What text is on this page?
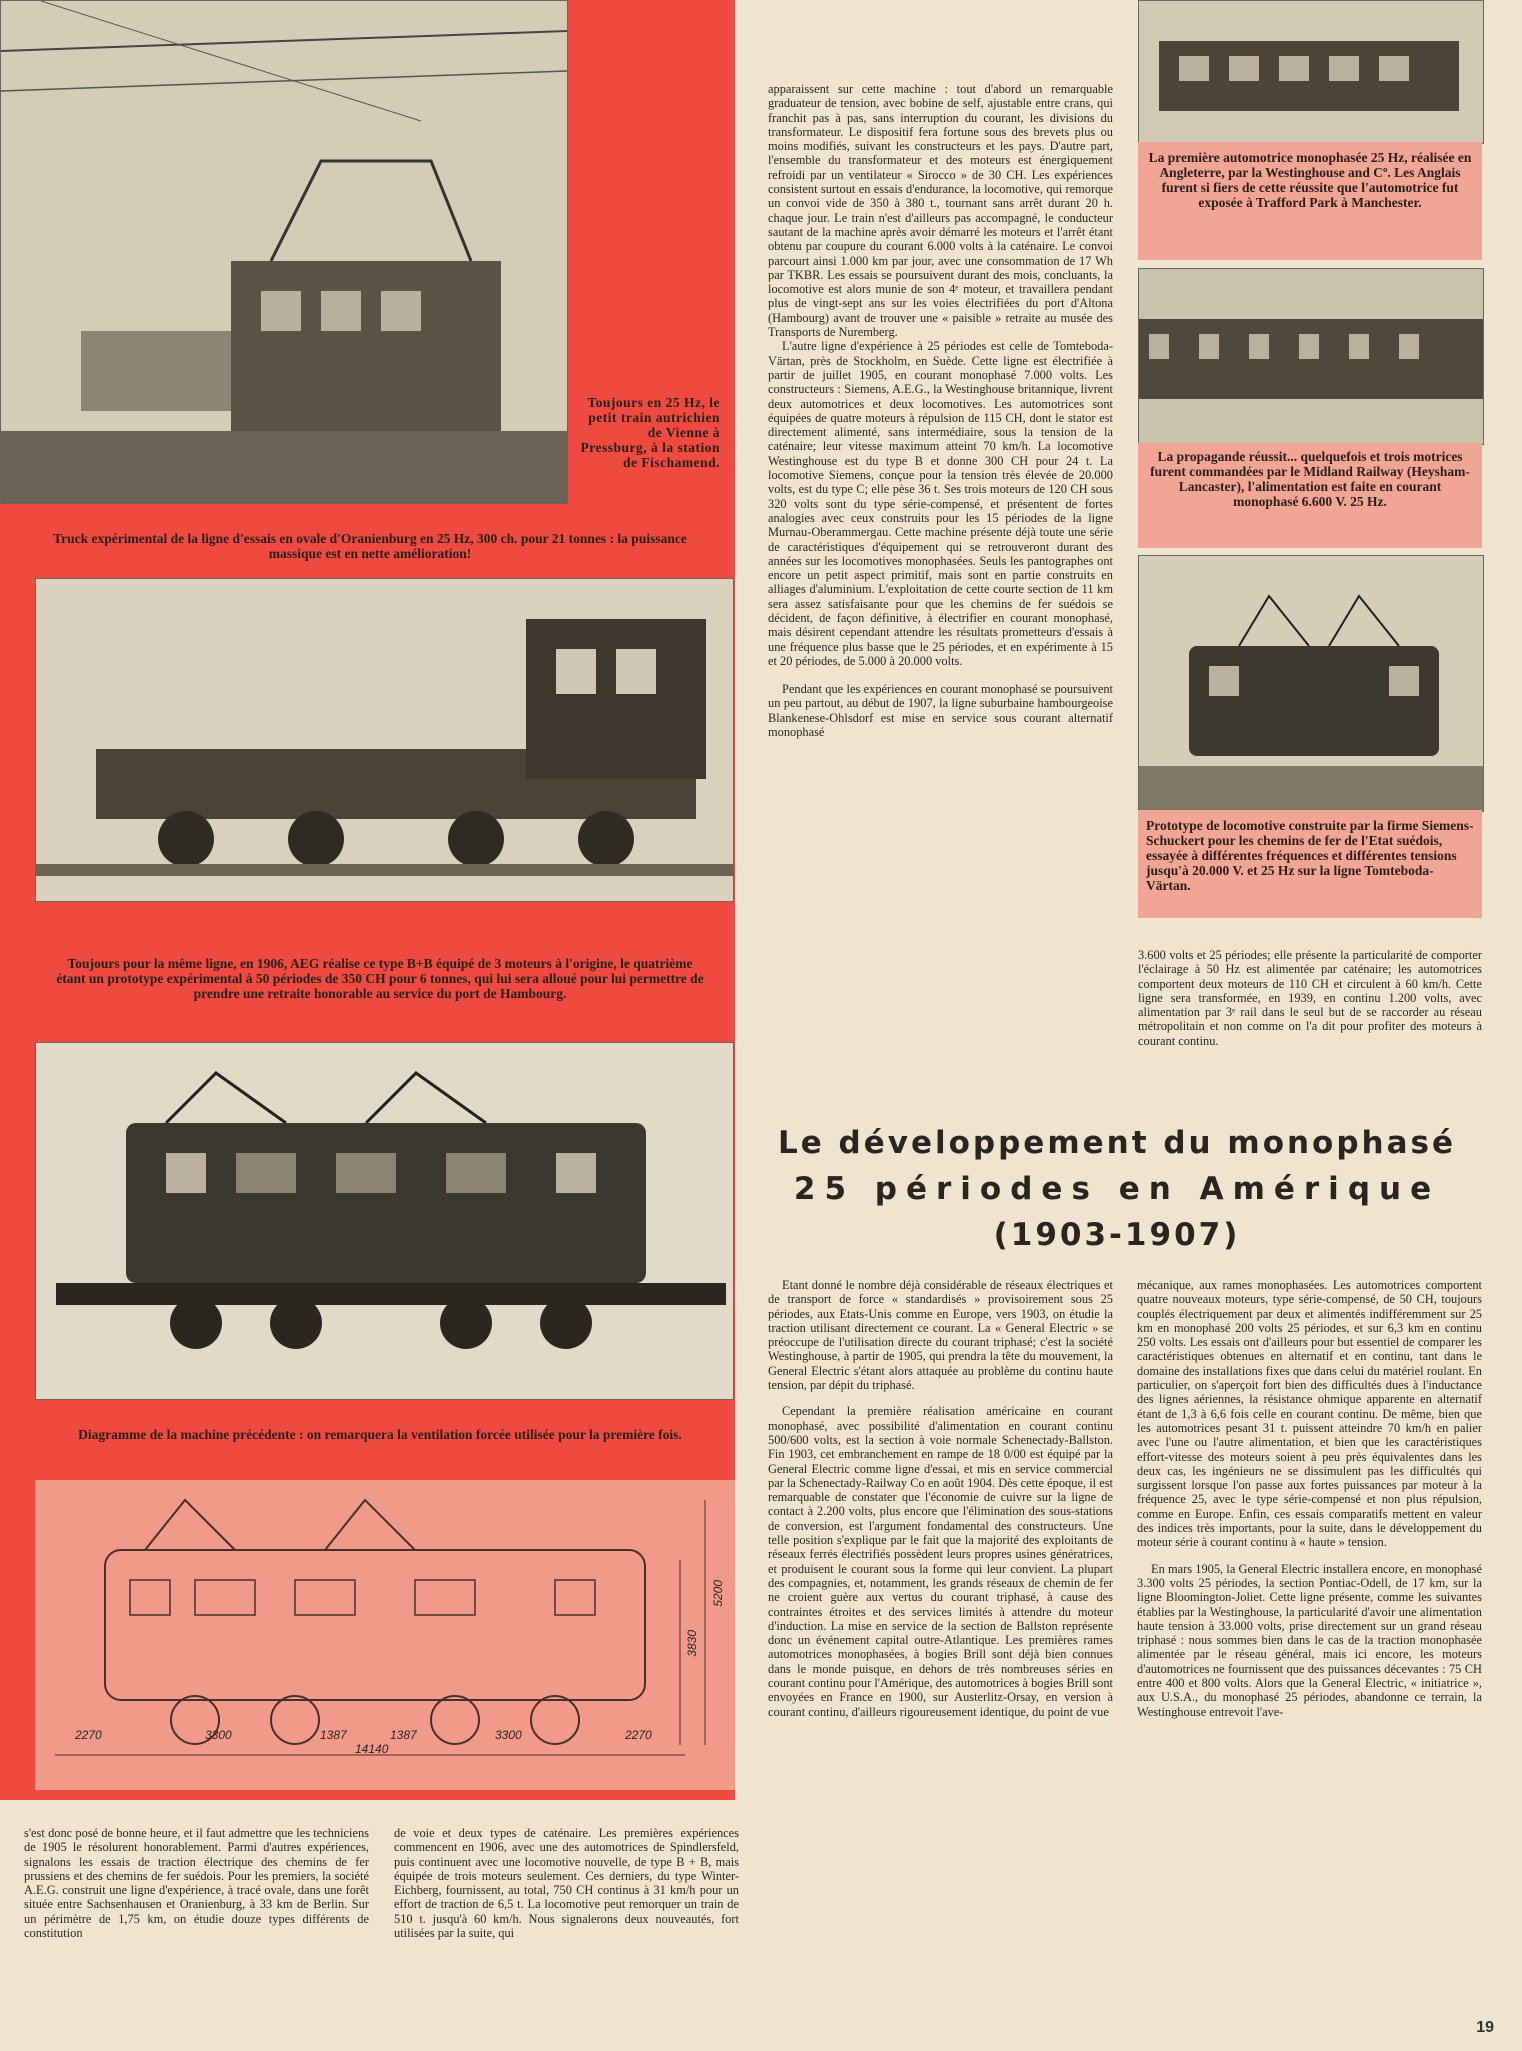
Toujours en 25 Hz, le petit train autrichien de Vienne à Pressburg, à la station de Fischamend.
Truck expérimental de la ligne d'essais en ovale d'Oranienburg en 25 Hz, 300 ch. pour 21 tonnes : la puissance massique est en nette amélioration!
Toujours pour la même ligne, en 1906, AEG réalise ce type B+B équipé de 3 moteurs à l'origine, le quatrième étant un prototype expérimental à 50 périodes de 350 CH pour 6 tonnes, qui lui sera alloué pour lui permettre de prendre une retraite honorable au service du port de Hambourg.
Diagramme de la machine précédente : on remarquera la ventilation forcée utilisée pour la première fois.
2270	3300	1387	1387	3300	2270
14140
3830
5200
La première automotrice monophasée 25 Hz, réalisée en Angleterre, par la Westinghouse and Cº. Les Anglais furent si fiers de cette réussite que l'automotrice fut exposée à Trafford Park à Manchester.
La propagande réussit... quelquefois et trois motrices furent commandées par le Midland Railway (Heysham-Lancaster), l'alimentation est faite en courant monophasé 6.600 V. 25 Hz.
Prototype de locomotive construite par la firme Siemens-Schuckert pour les chemins de fer de l'Etat suédois, essayée à différentes fréquences et différentes tensions jusqu'à 20.000 V. et 25 Hz sur la ligne Tomteboda-Värtan.

apparaissent sur cette machine : tout d'abord un remarquable graduateur de tension, avec bobine de self, ajustable entre crans, qui franchit pas à pas, sans interruption du courant, les divisions du transformateur. Le dispositif fera fortune sous des brevets plus ou moins modifiés, suivant les constructeurs et les pays. D'autre part, l'ensemble du transformateur et des moteurs est énergiquement refroidi par un ventilateur « Sirocco » de 30 CH. Les expériences consistent surtout en essais d'endurance, la locomotive, qui remorque un convoi vide de 350 à 380 t., tournant sans arrêt durant 20 h. chaque jour. Le train n'est d'ailleurs pas accompagné, le conducteur sautant de la machine après avoir démarré les moteurs et l'arrêt étant obtenu par coupure du courant 6.000 volts à la caténaire. Le convoi parcourt ainsi 1.000 km par jour, avec une consommation de 17 Wh par TKBR. Les essais se poursuivent durant des mois, concluants, la locomotive est alors munie de son 4ᵉ moteur, et travaillera pendant plus de vingt-sept ans sur les voies électrifiées du port d'Altona (Hambourg) avant de trouver une « paisible » retraite au musée des Transports de Nuremberg.

L'autre ligne d'expérience à 25 périodes est celle de Tomteboda-Värtan, près de Stockholm, en Suède. Cette ligne est électrifiée à partir de juillet 1905, en courant monophasé 7.000 volts. Les constructeurs : Siemens, A.E.G., la Westinghouse britannique, livrent deux automotrices et deux locomotives. Les automotrices sont équipées de quatre moteurs à répulsion de 115 CH, dont le stator est directement alimenté, sans intermédiaire, sous la tension de la caténaire; leur vitesse maximum atteint 70 km/h. La locomotive Westinghouse est du type B et donne 300 CH pour 24 t. La locomotive Siemens, conçue pour la tension très élevée de 20.000 volts, est du type C; elle pèse 36 t. Ses trois moteurs de 120 CH sous 320 volts sont du type série-compensé, et présentent de fortes analogies avec ceux construits pour les 15 périodes de la ligne Murnau-Oberammergau. Cette machine présente déjà toute une série de caractéristiques d'équipement qui se retrouveront durant des années sur les locomotives monophasées. Seuls les pantographes ont encore un petit aspect primitif, mais sont en partie construits en alliages d'aluminium. L'exploitation de cette courte section de 11 km sera assez satisfaisante pour que les chemins de fer suédois se décident, de façon définitive, à électrifier en courant monophasé, mais désirent cependant attendre les résultats prometteurs d'essais à une fréquence plus basse que le 25 périodes, et en expérimente à 15 et 20 périodes, de 5.000 à 20.000 volts.

Pendant que les expériences en courant monophasé se poursuivent un peu partout, au début de 1907, la ligne suburbaine hambourgeoise Blankenese-Ohlsdorf est mise en service sous courant alternatif monophasé

3.600 volts et 25 périodes; elle présente la particularité de comporter l'éclairage à 50 Hz est alimentée par caténaire; les automotrices comportent deux moteurs de 110 CH et circulent à 60 km/h. Cette ligne sera transformée, en 1939, en continu 1.200 volts, avec alimentation par 3ᵉ rail dans le seul but de se raccorder au réseau métropolitain et non comme on l'a dit pour profiter des moteurs à courant continu.

Le développement du monophasé
25 périodes en Amérique
(1903-1907)

Etant donné le nombre déjà considérable de réseaux électriques et de transport de force « standardisés » provisoirement sous 25 périodes, aux Etats-Unis comme en Europe, vers 1903, on étudie la traction utilisant directement ce courant. La « General Electric » se préoccupe de l'utilisation directe du courant triphasé; c'est la société Westinghouse, à partir de 1905, qui prendra la tête du mouvement, la General Electric s'étant alors attaquée au problème du continu haute tension, par dépit du triphasé.

Cependant la première réalisation américaine en courant monophasé, avec possibilité d'alimentation en courant continu 500/600 volts, est la section à voie normale Schenectady-Ballston. Fin 1903, cet embranchement en rampe de 18 0/00 est équipé par la General Electric comme ligne d'essai, et mis en service commercial par la Schenectady-Railway Co en août 1904. Dès cette époque, il est remarquable de constater que l'économie de cuivre sur la ligne de contact à 2.200 volts, plus encore que l'élimination des sous-stations de conversion, est l'argument fondamental des constructeurs. Une telle position s'explique par le fait que la majorité des exploitants de réseaux ferrés électrifiés possèdent leurs propres usines génératrices, et produisent le courant sous la forme qui leur convient. La plupart des compagnies, et, notamment, les grands réseaux de chemin de fer ne croient guère aux vertus du courant triphasé, à cause des contraintes étroites et des services limités à attendre du moteur d'induction. La mise en service de la section de Ballston représente donc un événement capital outre-Atlantique. Les premières rames automotrices monophasées, à bogies Brill sont déjà bien connues dans le monde puisque, en dehors de très nombreuses séries en courant continu pour l'Amérique, des automotrices à bogies Brill sont envoyées en France en 1900, sur Austerlitz-Orsay, en version à courant continu, d'ailleurs rigoureusement identique, du point de vue

mécanique, aux rames monophasées. Les automotrices comportent quatre nouveaux moteurs, type série-compensé, de 50 CH, toujours couplés électriquement par deux et alimentés indifféremment sur 25 km en monophasé 200 volts 25 périodes, et sur 6,3 km en continu 250 volts. Les essais ont d'ailleurs pour but essentiel de comparer les caractéristiques obtenues en alternatif et en continu, tant dans le domaine des installations fixes que dans celui du matériel roulant. En particulier, on s'aperçoit fort bien des difficultés dues à l'inductance des lignes aériennes, la résistance ohmique apparente en alternatif étant de 1,3 à 6,6 fois celle en courant continu. De même, bien que les automotrices pesant 31 t. puissent atteindre 70 km/h en palier avec l'une ou l'autre alimentation, et bien que les caractéristiques effort-vitesse des moteurs soient à peu près équivalentes dans les deux cas, les ingénieurs ne se dissimulent pas les difficultés qui surgissent lorsque l'on passe aux fortes puissances par moteur à la fréquence 25, avec le type série-compensé et non plus répulsion, comme en Europe. Enfin, ces essais comparatifs mettent en valeur des indices très importants, pour la suite, dans le développement du moteur série à courant continu à « haute » tension.

En mars 1905, la General Electric installera encore, en monophasé 3.300 volts 25 périodes, la section Pontiac-Odell, de 17 km, sur la ligne Bloomington-Joliet. Cette ligne présente, comme les suivantes établies par la Westinghouse, la particularité d'avoir une alimentation haute tension à 33.000 volts, prise directement sur un grand réseau triphasé : nous sommes bien dans le cas de la traction monophasée alimentée par le réseau général, mais ici encore, les moteurs d'automotrices ne fournissent que des puissances décevantes : 75 CH entre 400 et 800 volts. Alors que la General Electric, « initiatrice », aux U.S.A., du monophasé 25 périodes, abandonne ce terrain, la Westinghouse entrevoit l'ave-

s'est donc posé de bonne heure, et il faut admettre que les techniciens de 1905 le résolurent honorablement. Parmi d'autres expériences, signalons les essais de traction électrique des chemins de fer prussiens et des chemins de fer suédois. Pour les premiers, la société A.E.G. construit une ligne d'expérience, à tracé ovale, dans une forêt située entre Sachsenhausen et Oranienburg, à 33 km de Berlin. Sur un périmètre de 1,75 km, on étudie douze types différents de constitution

de voie et deux types de caténaire. Les premières expériences commencent en 1906, avec une des automotrices de Spindlersfeld, puis continuent avec une locomotive nouvelle, de type B + B, mais équipée de trois moteurs seulement. Ces derniers, du type Winter-Eichberg, fournissent, au total, 750 CH continus à 31 km/h pour un effort de traction de 6,5 t. La locomotive peut remorquer un train de 510 t. jusqu'à 60 km/h. Nous signalerons deux nouveautés, fort utilisées par la suite, qui

19
